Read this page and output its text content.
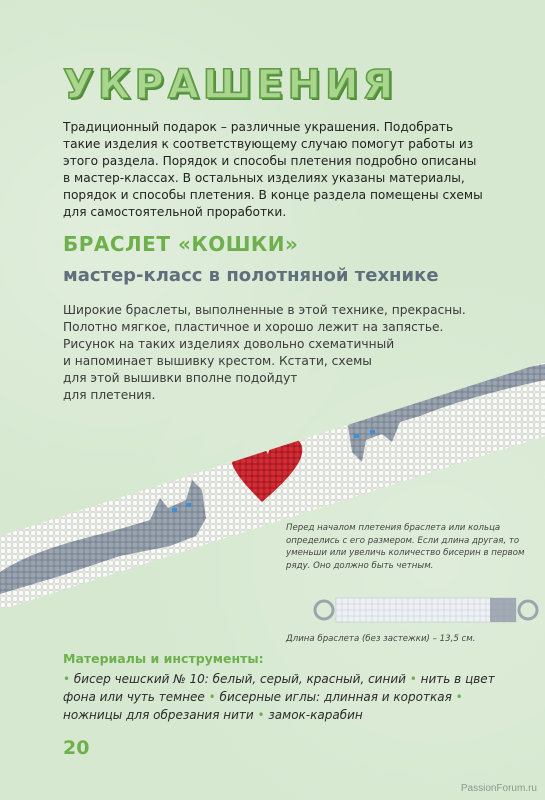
УКРАШЕНИЯ

Традиционный подарок – различные украшения. Подобрать такие изделия к соответствующему случаю помогут работы из этого раздела. Порядок и способы плетения подробно описаны в мастер-классах. В остальных изделиях указаны материалы, порядок и способы плетения. В конце раздела помещены схемы для самостоятельной проработки.

БРАСЛЕТ «КОШКИ»
мастер-класс в полотняной технике

Широкие браслеты, выполненные в этой технике, прекрасны.
Полотно мягкое, пластичное и хорошо лежит на запястье.
Рисунок на таких изделиях довольно схематичный
и напоминает вышивку крестом. Кстати, схемы
для этой вышивки вполне подойдут
для плетения.

Перед началом плетения браслета или кольца определись с его размером. Если длина другая, то уменьши или увеличь количество бисерин в первом ряду. Оно должно быть четным.

Длина браслета (без застежки) – 13,5 см.

Материалы и инструменты:

• бисер чешский № 10: белый, серый, красный, синий • нить в цвет фона или чуть темнее • бисерные иглы: длинная и короткая • ножницы для обрезания нити • замок-карабин

20

PassionForum.ru
